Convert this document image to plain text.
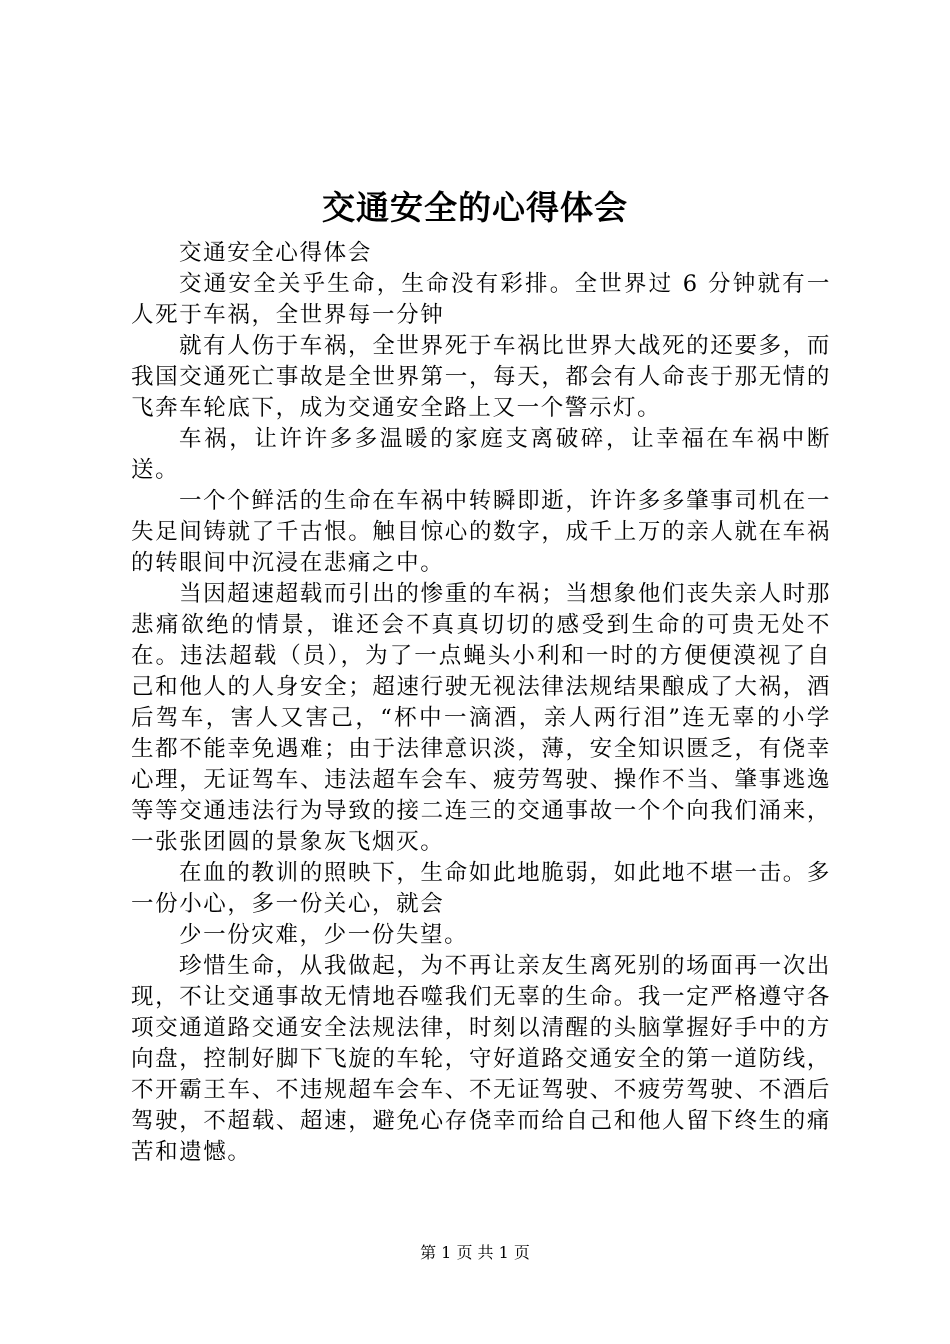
交通安全的心得体会

交通安全心得体会

交通安全关乎生命，生命没有彩排。全世界过 6 分钟就有一人死于车祸，全世界每一分钟

就有人伤于车祸，全世界死于车祸比世界大战死的还要多，而我国交通死亡事故是全世界第一，每天，都会有人命丧于那无情的飞奔车轮底下，成为交通安全路上又一个警示灯。

车祸，让许许多多温暖的家庭支离破碎，让幸福在车祸中断送。

一个个鲜活的生命在车祸中转瞬即逝，许许多多肇事司机在一失足间铸就了千古恨。触目惊心的数字，成千上万的亲人就在车祸的转眼间中沉浸在悲痛之中。

当因超速超载而引出的惨重的车祸；当想象他们丧失亲人时那悲痛欲绝的情景，谁还会不真真切切的感受到生命的可贵无处不在。违法超载（员），为了一点蝇头小利和一时的方便便漠视了自己和他人的人身安全；超速行驶无视法律法规结果酿成了大祸，酒后驾车，害人又害己，“杯中一滴酒，亲人两行泪”连无辜的小学生都不能幸免遇难；由于法律意识淡，薄，安全知识匮乏，有侥幸心理，无证驾车、违法超车会车、疲劳驾驶、操作不当、肇事逃逸等等交通违法行为导致的接二连三的交通事故一个个向我们涌来，一张张团圆的景象灰飞烟灭。

在血的教训的照映下，生命如此地脆弱，如此地不堪一击。多一份小心，多一份关心，就会

少一份灾难，少一份失望。

珍惜生命，从我做起，为不再让亲友生离死别的场面再一次出现，不让交通事故无情地吞噬我们无辜的生命。我一定严格遵守各项交通道路交通安全法规法律，时刻以清醒的头脑掌握好手中的方向盘，控制好脚下飞旋的车轮，守好道路交通安全的第一道防线，不开霸王车、不违规超车会车、不无证驾驶、不疲劳驾驶、不酒后驾驶，不超载、超速，避免心存侥幸而给自己和他人留下终生的痛苦和遗憾。

第 1 页 共 1 页
